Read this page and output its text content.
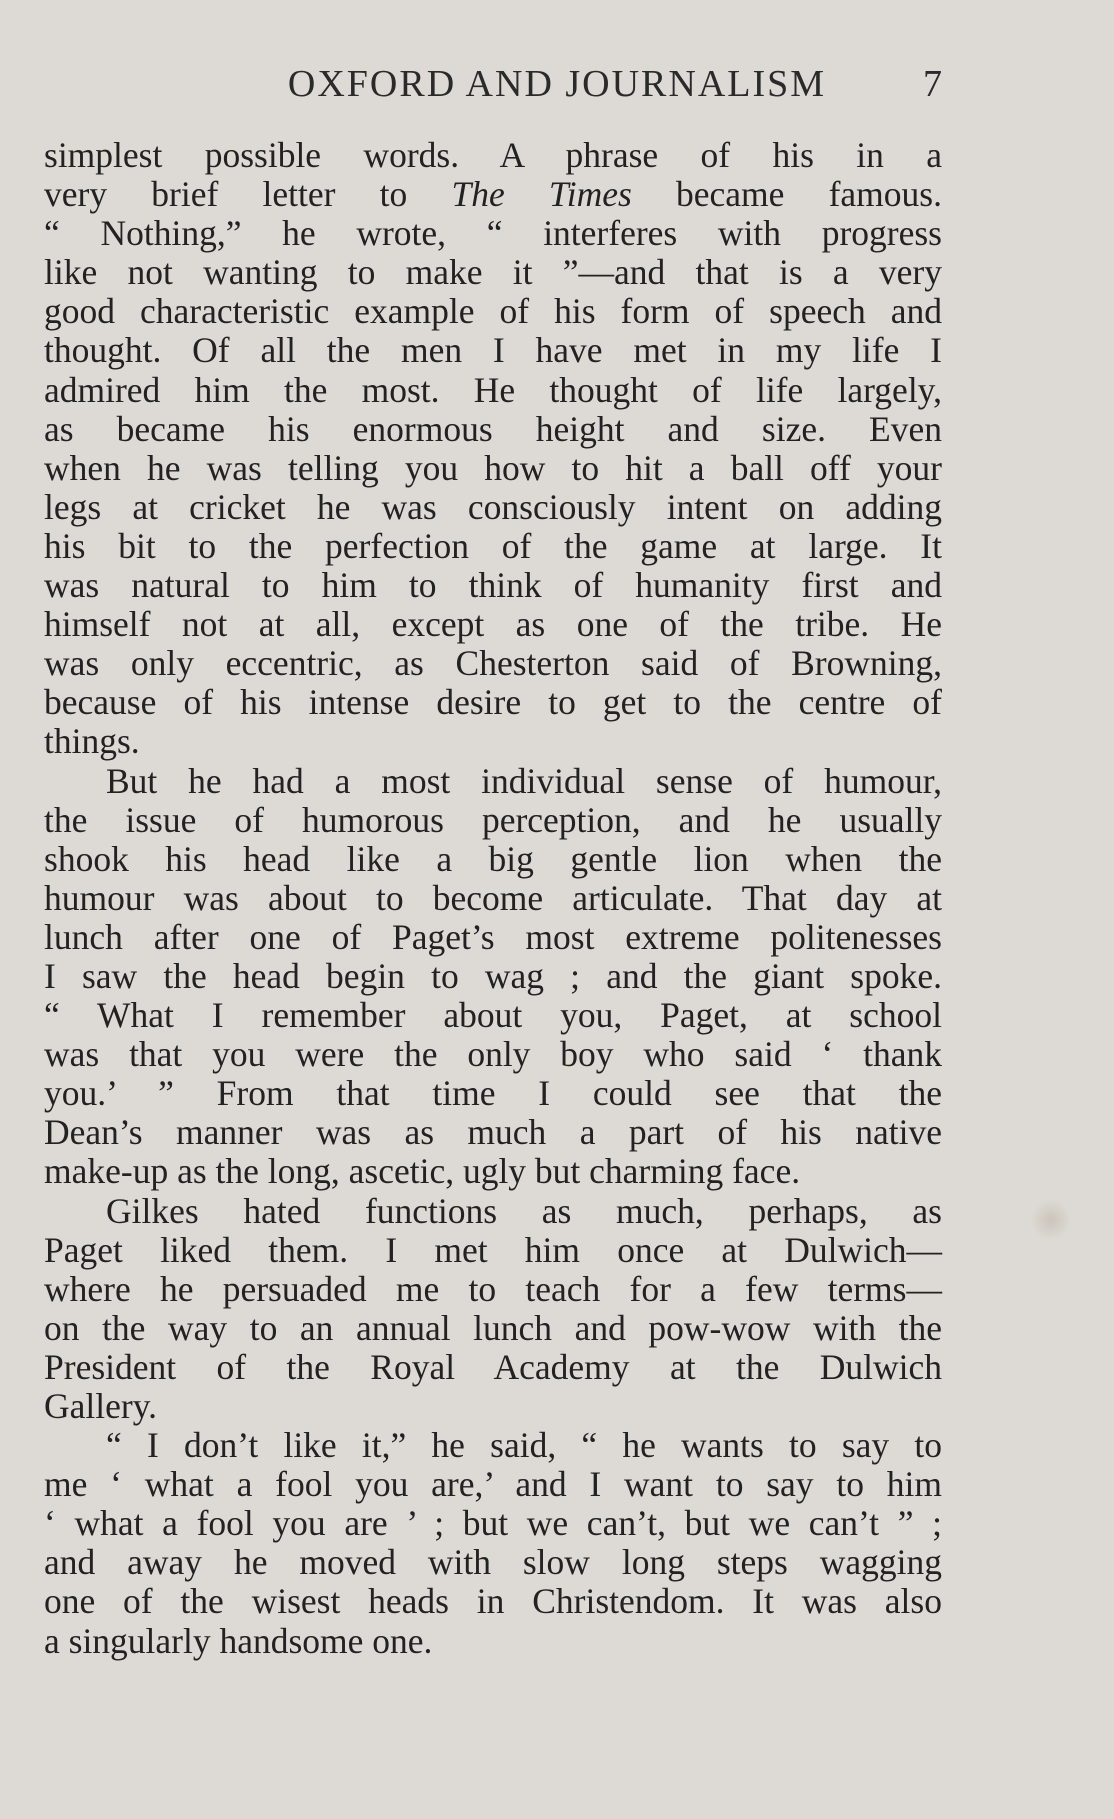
OXFORD AND JOURNALISM	7

simplest possible words. A phrase of his in a
very brief letter to The Times became famous.
“ Nothing,” he wrote, “ interferes with progress
like not wanting to make it ”—and that is a very
good characteristic example of his form of speech and
thought. Of all the men I have met in my life I
admired him the most. He thought of life largely,
as became his enormous height and size. Even
when he was telling you how to hit a ball off your
legs at cricket he was consciously intent on adding
his bit to the perfection of the game at large. It
was natural to him to think of humanity first and
himself not at all, except as one of the tribe. He
was only eccentric, as Chesterton said of Browning,
because of his intense desire to get to the centre of
things.

But he had a most individual sense of humour,
the issue of humorous perception, and he usually
shook his head like a big gentle lion when the
humour was about to become articulate. That day at
lunch after one of Paget’s most extreme politenesses
I saw the head begin to wag ; and the giant spoke.
“ What I remember about you, Paget, at school
was that you were the only boy who said ‘ thank
you.’ ” From that time I could see that the
Dean’s manner was as much a part of his native
make-up as the long, ascetic, ugly but charming face.

Gilkes hated functions as much, perhaps, as
Paget liked them. I met him once at Dulwich—
where he persuaded me to teach for a few terms—
on the way to an annual lunch and pow-wow with the
President of the Royal Academy at the Dulwich
Gallery.

“ I don’t like it,” he said, “ he wants to say to
me ‘ what a fool you are,’ and I want to say to him
‘ what a fool you are ’ ; but we can’t, but we can’t ” ;
and away he moved with slow long steps wagging
one of the wisest heads in Christendom. It was also
a singularly handsome one.
